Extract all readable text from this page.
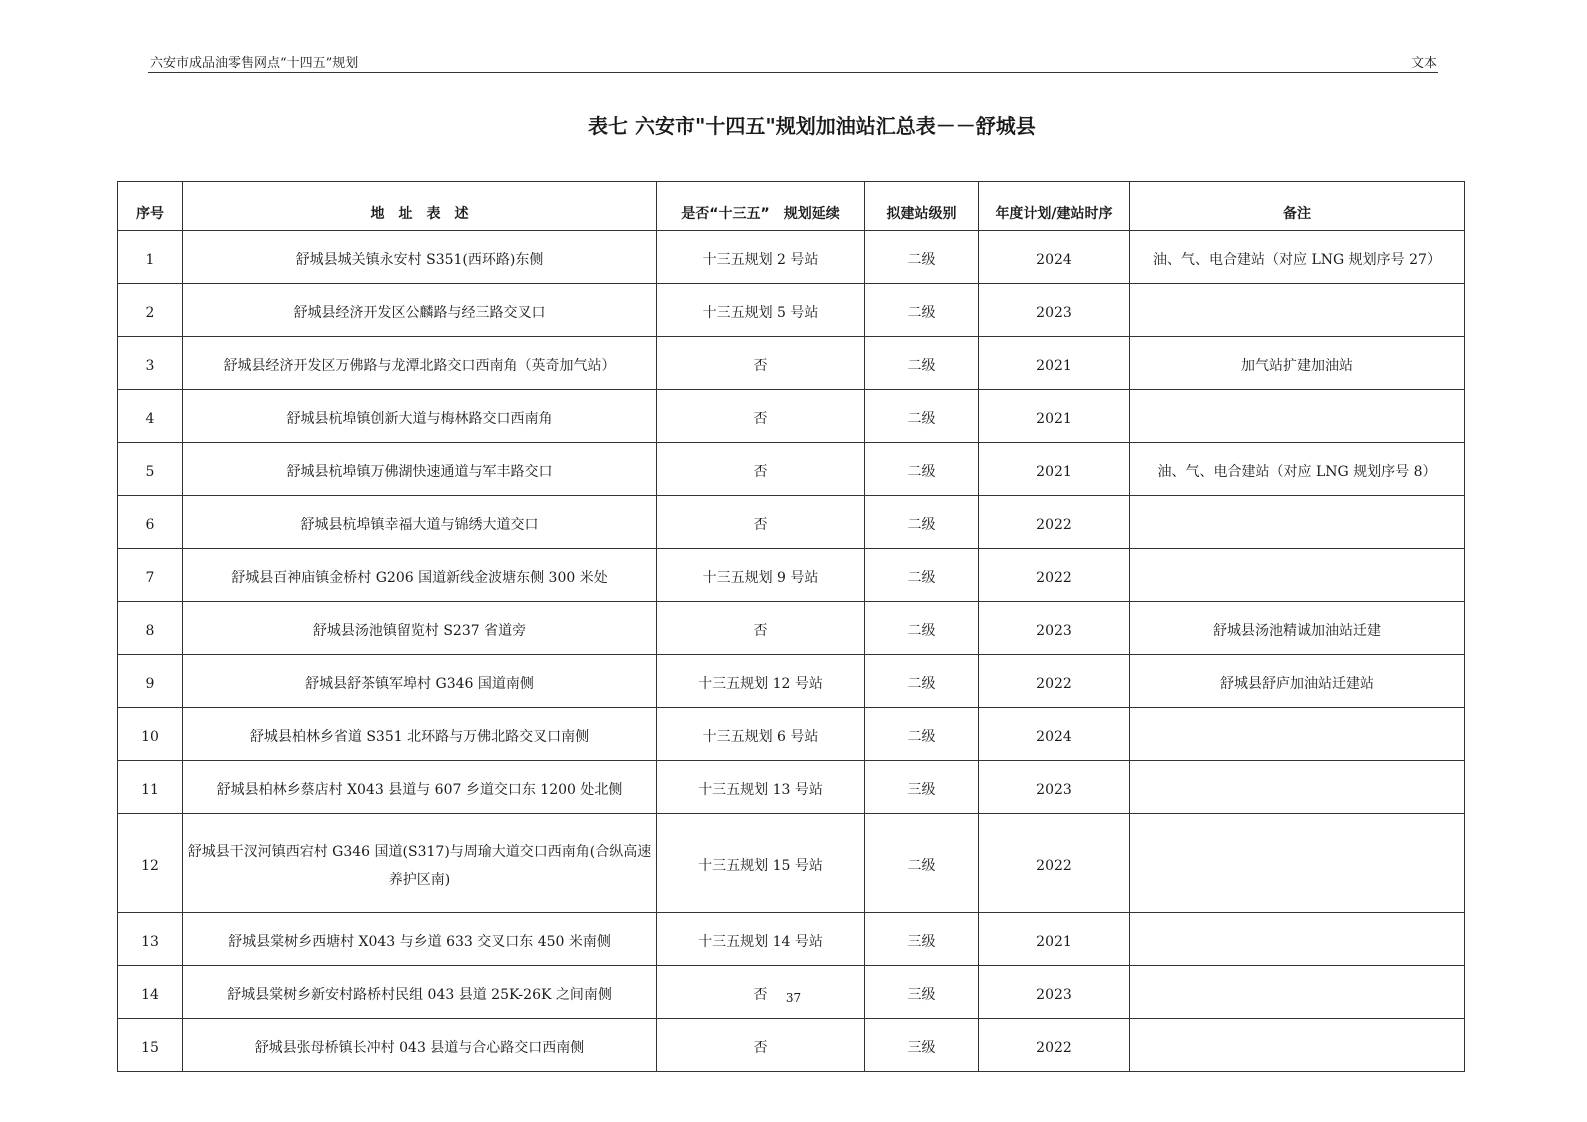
六安市成品油零售网点“十四五”规划	文本
表七 六安市"十四五"规划加油站汇总表－－舒城县
序号	地　址　表　述	是否“十三五”　规划延续	拟建站级别	年度计划/建站时序	备注
1	舒城县城关镇永安村 S351(西环路)东侧	十三五规划 2 号站	二级	2024	油、气、电合建站（对应 LNG 规划序号 27）
2	舒城县经济开发区公麟路与经三路交叉口	十三五规划 5 号站	二级	2023	
3	舒城县经济开发区万佛路与龙潭北路交口西南角（英奇加气站）	否	二级	2021	加气站扩建加油站
4	舒城县杭埠镇创新大道与梅林路交口西南角	否	二级	2021	
5	舒城县杭埠镇万佛湖快速通道与军丰路交口	否	二级	2021	油、气、电合建站（对应 LNG 规划序号 8）
6	舒城县杭埠镇幸福大道与锦绣大道交口	否	二级	2022	
7	舒城县百神庙镇金桥村 G206 国道新线金波塘东侧 300 米处	十三五规划 9 号站	二级	2022	
8	舒城县汤池镇留览村 S237 省道旁	否	二级	2023	舒城县汤池精诚加油站迁建
9	舒城县舒茶镇军埠村 G346 国道南侧	十三五规划 12 号站	二级	2022	舒城县舒庐加油站迁建站
10	舒城县柏林乡省道 S351 北环路与万佛北路交叉口南侧	十三五规划 6 号站	二级	2024	
11	舒城县柏林乡蔡店村 X043 县道与 607 乡道交口东 1200 处北侧	十三五规划 13 号站	三级	2023	
12	舒城县干汊河镇西宕村 G346 国道(S317)与周瑜大道交口西南角(合纵高速养护区南)	十三五规划 15 号站	二级	2022	
13	舒城县棠树乡西塘村 X043 与乡道 633 交叉口东 450 米南侧	十三五规划 14 号站	三级	2021	
14	舒城县棠树乡新安村路桥村民组 043 县道 25K-26K 之间南侧	否	三级	2023	
15	舒城县张母桥镇长冲村 043 县道与合心路交口西南侧	否	三级	2022	
37
